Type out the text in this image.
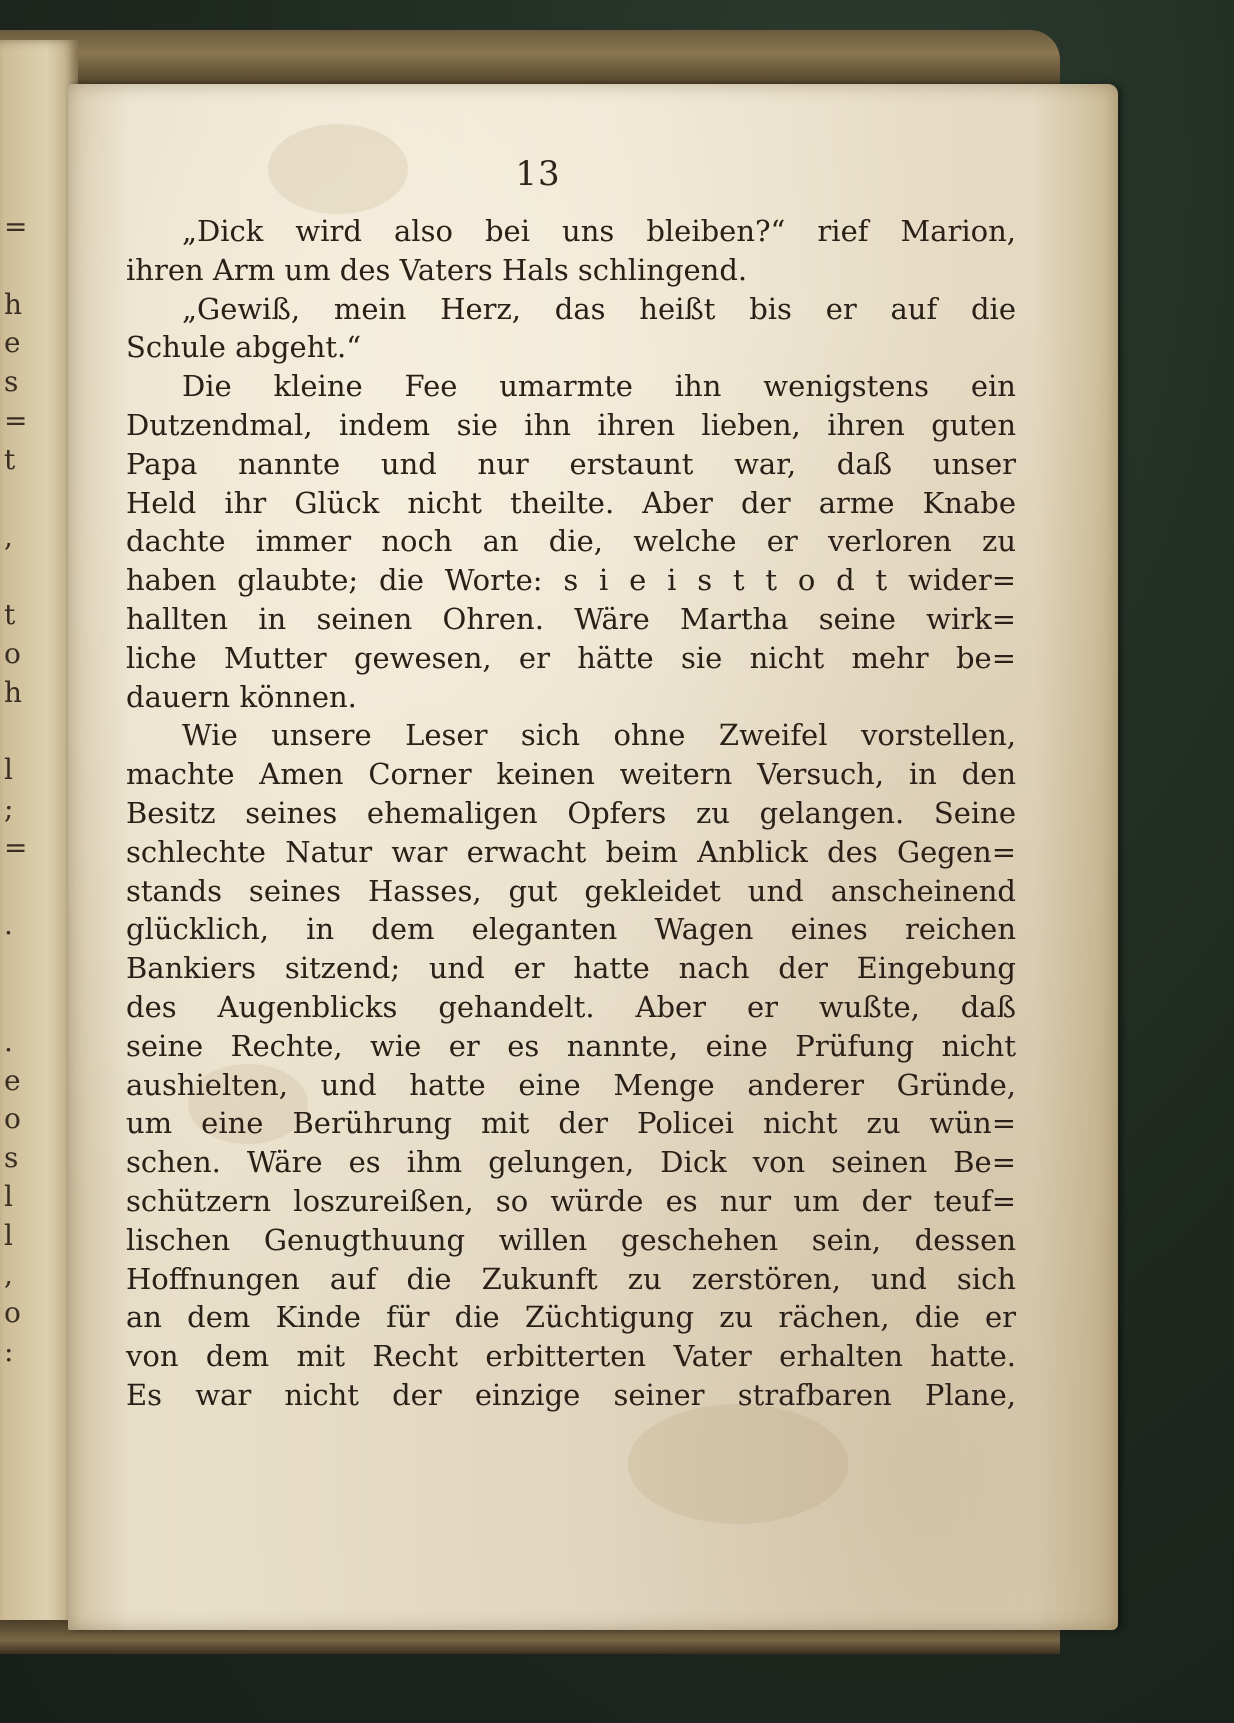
=
h
e
s
=
t
,
t
o
h
l
;
=
.
.
e
o
s
l
l
,
o
:
13
„Dick wird also bei uns bleiben?“ rief Marion,
ihren Arm um des Vaters Hals schlingend.
„Gewiß, mein Herz, das heißt bis er auf die
Schule abgeht.“
Die kleine Fee umarmte ihn wenigstens ein
Dutzendmal, indem sie ihn ihren lieben, ihren guten
Papa nannte und nur erstaunt war, daß unser
Held ihr Glück nicht theilte. Aber der arme Knabe
dachte immer noch an die, welche er verloren zu
haben glaubte; die Worte: s i e i s t t o d t wider=
hallten in seinen Ohren. Wäre Martha seine wirk=
liche Mutter gewesen, er hätte sie nicht mehr be=
dauern können.
Wie unsere Leser sich ohne Zweifel vorstellen,
machte Amen Corner keinen weitern Versuch, in den
Besitz seines ehemaligen Opfers zu gelangen. Seine
schlechte Natur war erwacht beim Anblick des Gegen=
stands seines Hasses, gut gekleidet und anscheinend
glücklich, in dem eleganten Wagen eines reichen
Bankiers sitzend; und er hatte nach der Eingebung
des Augenblicks gehandelt. Aber er wußte, daß
seine Rechte, wie er es nannte, eine Prüfung nicht
aushielten, und hatte eine Menge anderer Gründe,
um eine Berührung mit der Policei nicht zu wün=
schen. Wäre es ihm gelungen, Dick von seinen Be=
schützern loszureißen, so würde es nur um der teuf=
lischen Genugthuung willen geschehen sein, dessen
Hoffnungen auf die Zukunft zu zerstören, und sich
an dem Kinde für die Züchtigung zu rächen, die er
von dem mit Recht erbitterten Vater erhalten hatte.
Es war nicht der einzige seiner strafbaren Plane,
